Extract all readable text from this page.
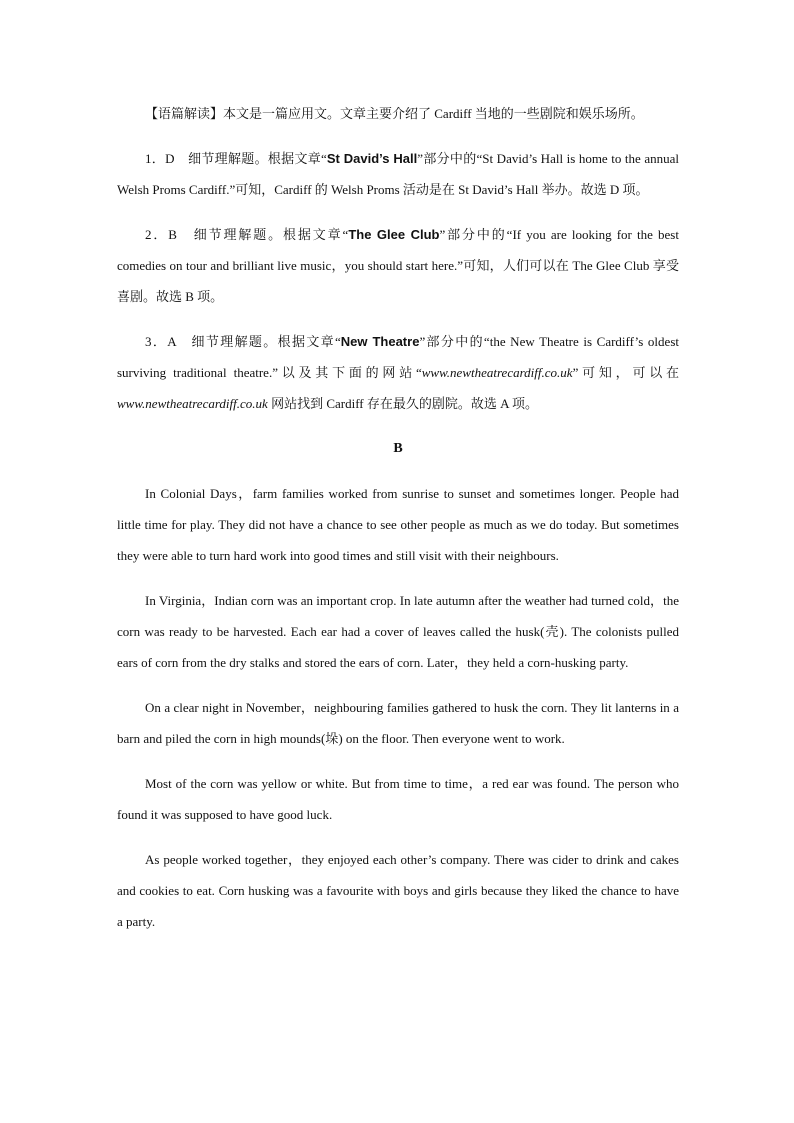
【语篇解读】本文是一篇应用文。文章主要介绍了 Cardiff 当地的一些剧院和娱乐场所。

1．D　细节理解题。根据文章“St David’s Hall”部分中的“St David’s Hall is home to the annual Welsh Proms Cardiff.”可知，Cardiff 的 Welsh Proms 活动是在 St David’s Hall 举办。故选 D 项。

2．B　细节理解题。根据文章“The Glee Club”部分中的“If you are looking for the best comedies on tour and brilliant live music，you should start here.”可知，人们可以在 The Glee Club 享受喜剧。故选 B 项。

3．A　细节理解题。根据文章“New Theatre”部分中的“the New Theatre is Cardiff’s oldest surviving traditional theatre.”以及其下面的网站“www.newtheatrecardiff.co.uk”可知，可以在 www.newtheatrecardiff.co.uk 网站找到 Cardiff 存在最久的剧院。故选 A 项。

B

In Colonial Days，farm families worked from sunrise to sunset and sometimes longer. People had little time for play. They did not have a chance to see other people as much as we do today. But sometimes they were able to turn hard work into good times and still visit with their neighbours.

In Virginia，Indian corn was an important crop. In late autumn after the weather had turned cold，the corn was ready to be harvested. Each ear had a cover of leaves called the husk(壳). The colonists pulled ears of corn from the dry stalks and stored the ears of corn. Later，they held a corn-husking party.

On a clear night in November，neighbouring families gathered to husk the corn. They lit lanterns in a barn and piled the corn in high mounds(垛) on the floor. Then everyone went to work.

Most of the corn was yellow or white. But from time to time，a red ear was found. The person who found it was supposed to have good luck.

As people worked together，they enjoyed each other’s company. There was cider to drink and cakes and cookies to eat. Corn husking was a favourite with boys and girls because they liked the chance to have a party.
